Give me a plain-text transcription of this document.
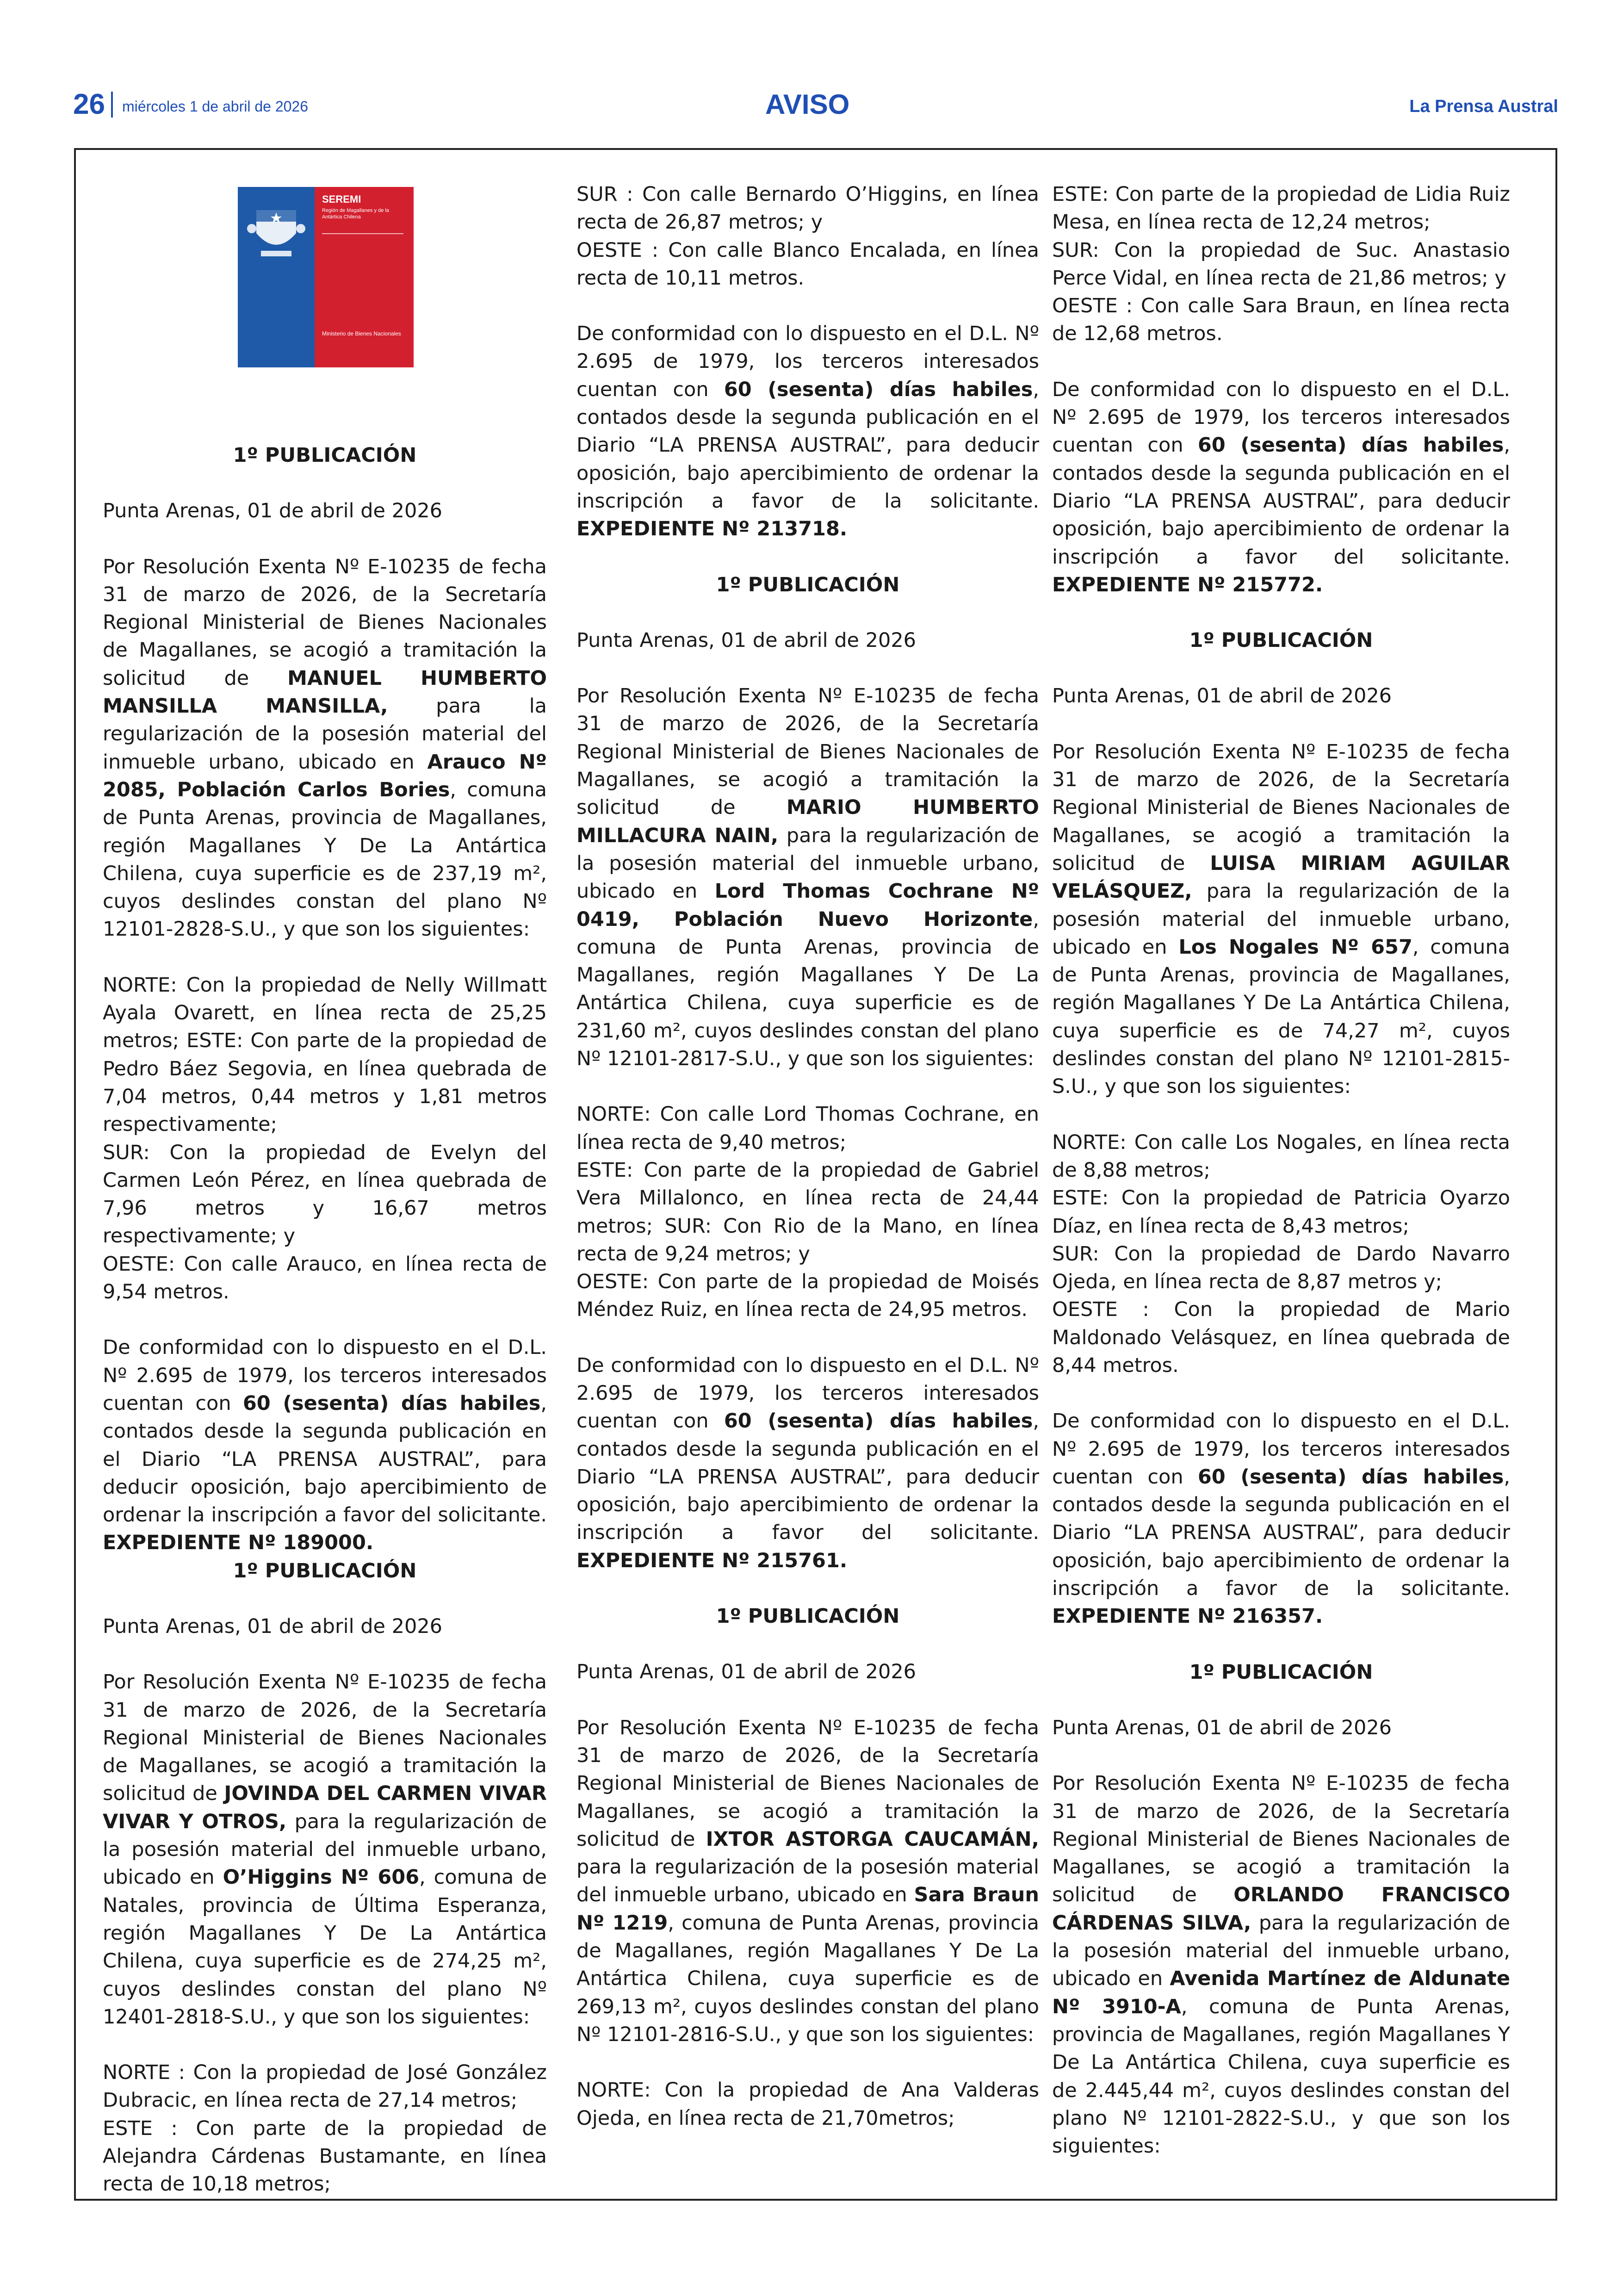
26 miércoles 1 de abril de 2026	AVISO	La Prensa Austral
SEREMI
Región de Magallanes y de la Antártica Chilena
Ministerio de Bienes Nacionales

1º PUBLICACIÓN

Punta Arenas, 01 de abril de 2026

Por Resolución Exenta Nº E-10235 de fecha 31 de marzo de 2026, de la Secretaría Regional Ministerial de Bienes Nacionales de Magallanes, se acogió a tramitación la solicitud de MANUEL HUMBERTO MANSILLA MANSILLA, para la regularización de la posesión material del inmueble urbano, ubicado en Arauco Nº 2085, Población Carlos Bories, comuna de Punta Arenas, provincia de Magallanes, región Magallanes Y De La Antártica Chilena, cuya superficie es de 237,19 m², cuyos deslindes constan del plano Nº 12101-2828-S.U., y que son los siguientes:

NORTE: Con la propiedad de Nelly Willmatt Ayala Ovarett, en línea recta de 25,25 metros; ESTE: Con parte de la propiedad de Pedro Báez Segovia, en línea quebrada de 7,04 metros, 0,44 metros y 1,81 metros respectivamente;

SUR: Con la propiedad de Evelyn del Carmen León Pérez, en línea quebrada de 7,96 metros y 16,67 metros respectivamente; y

OESTE: Con calle Arauco, en línea recta de 9,54 metros.

De conformidad con lo dispuesto en el D.L. Nº 2.695 de 1979, los terceros interesados cuentan con 60 (sesenta) días habiles, contados desde la segunda publicación en el Diario “LA PRENSA AUSTRAL”, para deducir oposición, bajo apercibimiento de ordenar la inscripción a favor del solicitante. EXPEDIENTE Nº 189000.

1º PUBLICACIÓN

Punta Arenas, 01 de abril de 2026

Por Resolución Exenta Nº E-10235 de fecha 31 de marzo de 2026, de la Secretaría Regional Ministerial de Bienes Nacionales de Magallanes, se acogió a tramitación la solicitud de JOVINDA DEL CARMEN VIVAR VIVAR Y OTROS, para la regularización de la posesión material del inmueble urbano, ubicado en O’Higgins Nº 606, comuna de Natales, provincia de Última Esperanza, región Magallanes Y De La Antártica Chilena, cuya superficie es de 274,25 m², cuyos deslindes constan del plano Nº 12401-2818-S.U., y que son los siguientes:

NORTE : Con la propiedad de José González Dubracic, en línea recta de 27,14 metros;

ESTE : Con parte de la propiedad de Alejandra Cárdenas Bustamante, en línea recta de 10,18 metros;

SUR : Con calle Bernardo O’Higgins, en línea recta de 26,87 metros; y

OESTE : Con calle Blanco Encalada, en línea recta de 10,11 metros.

De conformidad con lo dispuesto en el D.L. Nº 2.695 de 1979, los terceros interesados cuentan con 60 (sesenta) días habiles, contados desde la segunda publicación en el Diario “LA PRENSA AUSTRAL”, para deducir oposición, bajo apercibimiento de ordenar la inscripción a favor de la solicitante. EXPEDIENTE Nº 213718.

1º PUBLICACIÓN

Punta Arenas, 01 de abril de 2026

Por Resolución Exenta Nº E-10235 de fecha 31 de marzo de 2026, de la Secretaría Regional Ministerial de Bienes Nacionales de Magallanes, se acogió a tramitación la solicitud de	MARIO HUMBERTO MILLACURA NAIN, para la regularización de la posesión material del inmueble urbano, ubicado en Lord Thomas Cochrane Nº 0419, Población Nuevo Horizonte, comuna de Punta Arenas, provincia de Magallanes, región Magallanes Y De La Antártica Chilena, cuya superficie es de 231,60 m², cuyos deslindes constan del plano Nº 12101-2817-S.U., y que son los siguientes:

NORTE: Con calle Lord Thomas Cochrane, en línea recta de 9,40 metros;

ESTE: Con parte de la propiedad de Gabriel Vera Millalonco, en línea recta de 24,44 metros; SUR: Con Rio de la Mano, en línea recta de 9,24 metros; y

OESTE: Con parte de la propiedad de Moisés Méndez Ruiz, en línea recta de 24,95 metros.

De conformidad con lo dispuesto en el D.L. Nº 2.695 de 1979, los terceros interesados cuentan con 60 (sesenta) días habiles, contados desde la segunda publicación en el Diario “LA PRENSA AUSTRAL”, para deducir oposición, bajo apercibimiento de ordenar la inscripción a favor del solicitante. EXPEDIENTE Nº 215761.

1º PUBLICACIÓN

Punta Arenas, 01 de abril de 2026

Por Resolución Exenta Nº E-10235 de fecha 31 de marzo de 2026, de la Secretaría Regional Ministerial de Bienes Nacionales de Magallanes, se acogió a tramitación la solicitud de IXTOR ASTORGA CAUCAMÁN, para la regularización de la posesión material del inmueble urbano, ubicado en Sara Braun Nº 1219, comuna de Punta Arenas, provincia de Magallanes, región Magallanes Y De La Antártica Chilena, cuya superficie es de 269,13 m², cuyos deslindes constan del plano Nº 12101-2816-S.U., y que son los siguientes:

NORTE: Con la propiedad de Ana Valderas Ojeda, en línea recta de 21,70metros;

ESTE: Con parte de la propiedad de Lidia Ruiz Mesa, en línea recta de 12,24 metros;

SUR: Con la propiedad de Suc. Anastasio Perce Vidal, en línea recta de 21,86 metros; y

OESTE : Con calle Sara Braun, en línea recta de 12,68 metros.

De conformidad con lo dispuesto en el D.L. Nº 2.695 de 1979, los terceros interesados cuentan con 60 (sesenta) días habiles, contados desde la segunda publicación en el Diario “LA PRENSA AUSTRAL”, para deducir oposición, bajo apercibimiento de ordenar la inscripción a favor del solicitante. EXPEDIENTE Nº 215772.

1º PUBLICACIÓN

Punta Arenas, 01 de abril de 2026

Por Resolución Exenta Nº E-10235 de fecha 31 de marzo de 2026, de la Secretaría Regional Ministerial de Bienes Nacionales de Magallanes, se acogió a tramitación la solicitud de LUISA MIRIAM AGUILAR VELÁSQUEZ, para la regularización de la posesión material del inmueble urbano, ubicado en Los Nogales Nº 657, comuna de Punta Arenas, provincia de Magallanes, región Magallanes Y De La Antártica Chilena, cuya superficie es de 74,27 m², cuyos deslindes constan del plano Nº 12101-2815-S.U., y que son los siguientes:

NORTE: Con calle Los Nogales, en línea recta de 8,88 metros;

ESTE: Con la propiedad de Patricia Oyarzo Díaz, en línea recta de 8,43 metros;

SUR: Con la propiedad de Dardo Navarro Ojeda, en línea recta de 8,87 metros y;

OESTE : Con la propiedad de Mario Maldonado Velásquez, en línea quebrada de 8,44 metros.

De conformidad con lo dispuesto en el D.L. Nº 2.695 de 1979, los terceros interesados cuentan con 60 (sesenta) días habiles, contados desde la segunda publicación en el Diario “LA PRENSA AUSTRAL”, para deducir oposición, bajo apercibimiento de ordenar la inscripción a favor de la solicitante. EXPEDIENTE Nº 216357.

1º PUBLICACIÓN

Punta Arenas, 01 de abril de 2026

Por Resolución Exenta Nº E-10235 de fecha 31 de marzo de 2026, de la Secretaría Regional Ministerial de Bienes Nacionales de Magallanes, se acogió a tramitación la solicitud de ORLANDO FRANCISCO CÁRDENAS SILVA, para la regularización de la posesión material del inmueble urbano, ubicado en Avenida Martínez de Aldunate Nº 3910-A, comuna de Punta Arenas, provincia de Magallanes, región Magallanes Y De La Antártica Chilena, cuya superficie es de 2.445,44 m², cuyos deslindes constan del plano Nº 12101-2822-S.U., y que son los siguientes:
